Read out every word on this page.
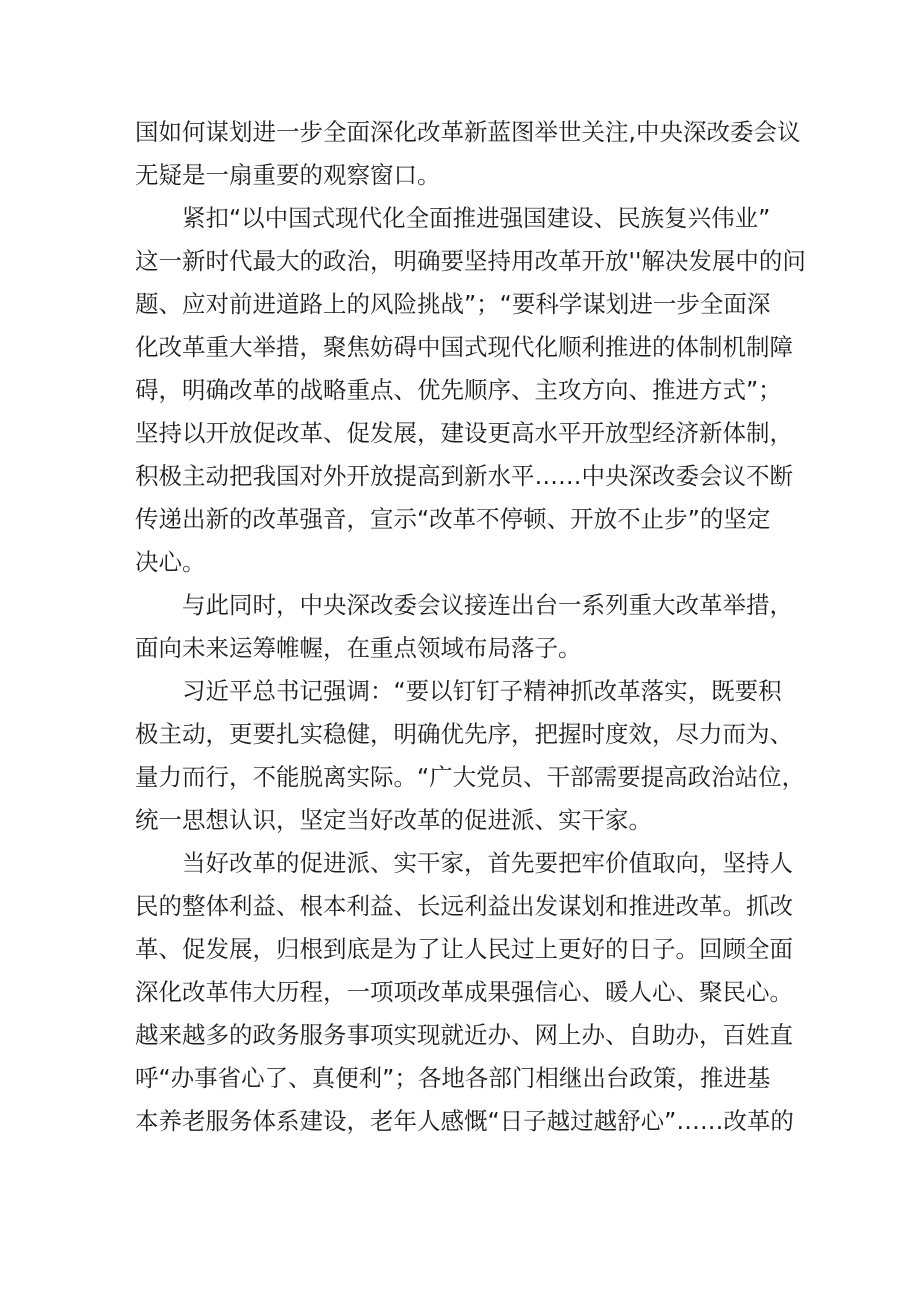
国如何谋划进一步全面深化改革新蓝图举世关注,中央深改委会议
无疑是一扇重要的观察窗口。
紧扣“以中国式现代化全面推进强国建设、民族复兴伟业”
这一新时代最大的政治，明确要坚持用改革开放''解决发展中的问
题、应对前进道路上的风险挑战”；“要科学谋划进一步全面深
化改革重大举措，聚焦妨碍中国式现代化顺利推进的体制机制障
碍，明确改革的战略重点、优先顺序、主攻方向、推进方式”；
坚持以开放促改革、促发展，建设更高水平开放型经济新体制，
积极主动把我国对外开放提高到新水平……中央深改委会议不断
传递出新的改革强音，宣示“改革不停顿、开放不止步”的坚定
决心。
与此同时，中央深改委会议接连出台一系列重大改革举措，
面向未来运筹帷幄，在重点领域布局落子。
习近平总书记强调：“要以钉钉子精神抓改革落实，既要积
极主动，更要扎实稳健，明确优先序，把握时度效，尽力而为、
量力而行，不能脱离实际。“广大党员、干部需要提高政治站位，
统一思想认识，坚定当好改革的促进派、实干家。
当好改革的促进派、实干家，首先要把牢价值取向，坚持人
民的整体利益、根本利益、长远利益出发谋划和推进改革。抓改
革、促发展，归根到底是为了让人民过上更好的日子。回顾全面
深化改革伟大历程，一项项改革成果强信心、暖人心、聚民心。
越来越多的政务服务事项实现就近办、网上办、自助办，百姓直
呼“办事省心了、真便利”；各地各部门相继出台政策，推进基
本养老服务体系建设，老年人感慨“日子越过越舒心”……改革的
